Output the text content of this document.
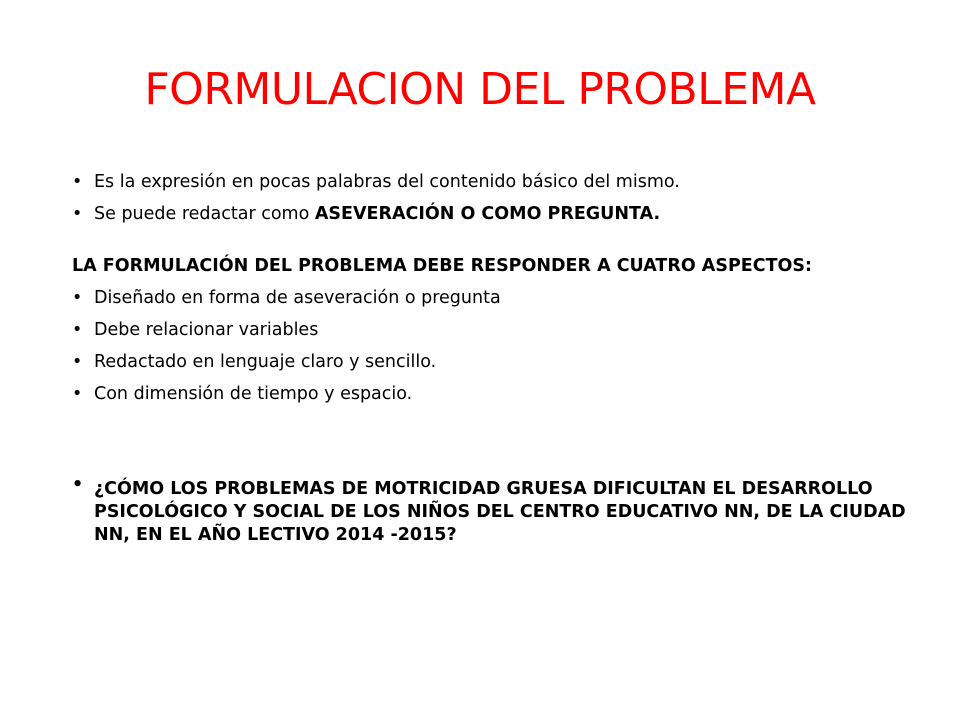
FORMULACION DEL PROBLEMA
• Es la expresión en pocas palabras del contenido básico del mismo.
• Se puede redactar como ASEVERACIÓN O COMO PREGUNTA.
LA FORMULACIÓN DEL PROBLEMA DEBE RESPONDER A CUATRO ASPECTOS:
• Diseñado en forma de aseveración o pregunta
• Debe relacionar variables
• Redactado en lenguaje claro y sencillo.
• Con dimensión de tiempo y espacio.
• ¿CÓMO LOS PROBLEMAS DE MOTRICIDAD GRUESA DIFICULTAN EL DESARROLLO PSICOLÓGICO Y SOCIAL DE LOS NIÑOS DEL CENTRO EDUCATIVO NN, DE LA CIUDAD NN, EN EL AÑO LECTIVO 2014 -2015?
